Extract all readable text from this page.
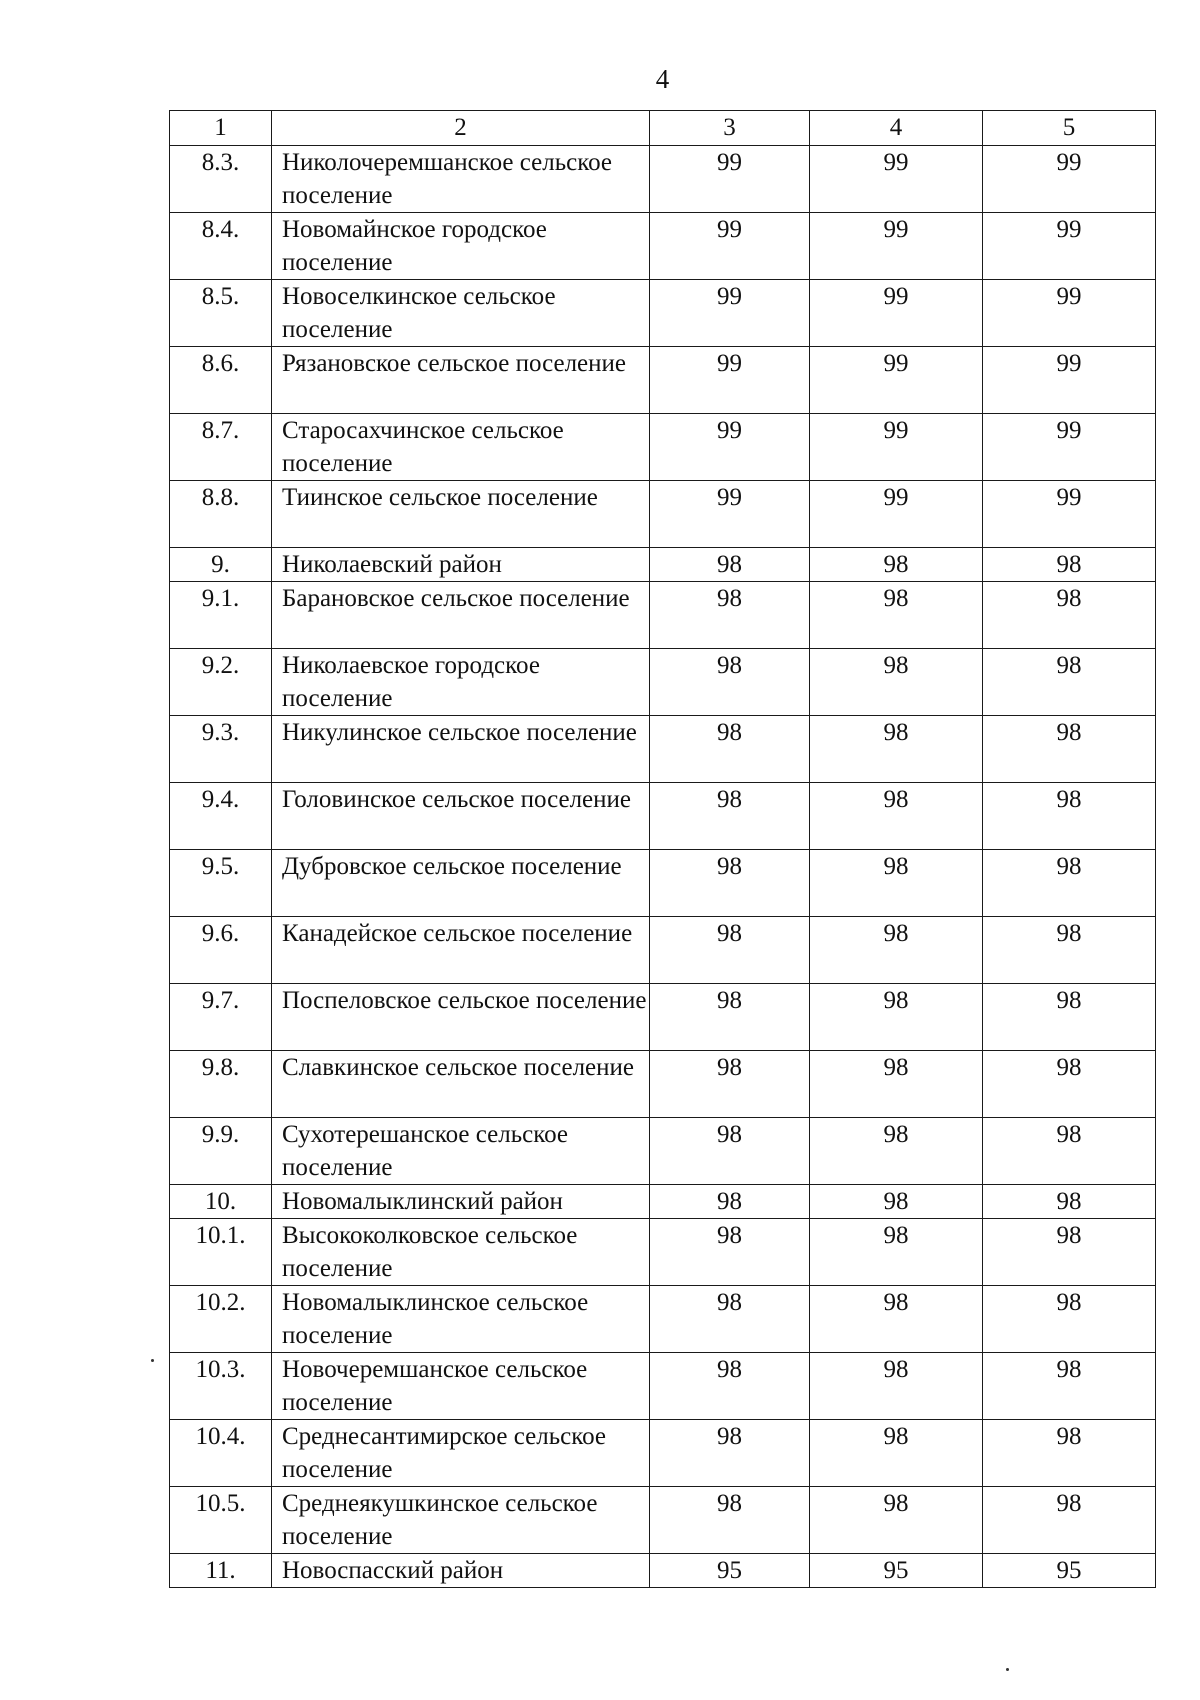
4
1	2	3	4	5
8.3.	Николочеремшанское сельское поселение	99	99	99
8.4.	Новомайнское городское поселение	99	99	99
8.5.	Новоселкинское сельское поселение	99	99	99
8.6.	Рязановское сельское поселение	99	99	99
8.7.	Старосахчинское сельское поселение	99	99	99
8.8.	Тиинское сельское поселение	99	99	99
9.	Николаевский район	98	98	98
9.1.	Барановское сельское поселение	98	98	98
9.2.	Николаевское городское поселение	98	98	98
9.3.	Никулинское сельское поселение	98	98	98
9.4.	Головинское сельское поселение	98	98	98
9.5.	Дубровское сельское поселение	98	98	98
9.6.	Канадейское сельское поселение	98	98	98
9.7.	Поспеловское сельское поселение	98	98	98
9.8.	Славкинское сельское поселение	98	98	98
9.9.	Сухотерешанское сельское поселение	98	98	98
10.	Новомалыклинский район	98	98	98
10.1.	Высококолковское сельское поселение	98	98	98
10.2.	Новомалыклинское сельское поселение	98	98	98
10.3.	Новочеремшанское сельское поселение	98	98	98
10.4.	Среднесантимирское сельское поселение	98	98	98
10.5.	Среднеякушкинское сельское поселение	98	98	98
11.	Новоспасский район	95	95	95
